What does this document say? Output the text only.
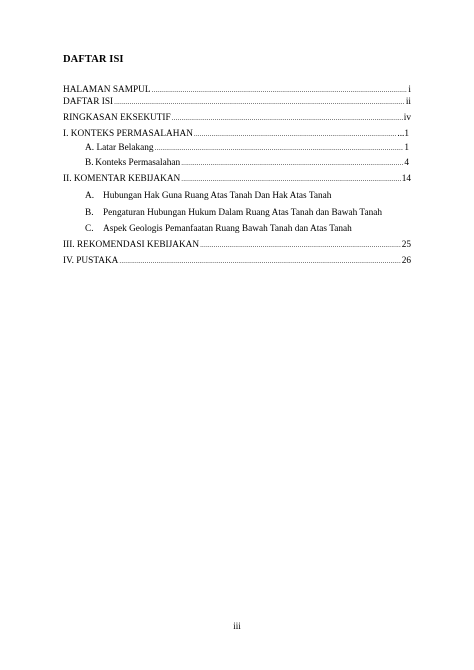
DAFTAR ISI
HALAMAN SAMPUL .....	i
DAFTAR ISI .....	ii
RINGKASAN EKSEKUTIF .....	iv
I. KONTEKS PERMASALAHAN .....	...1
A. Latar Belakang .....	1
B. Konteks Permasalahan .....	4
II. KOMENTAR KEBIJAKAN .....	14
A. Hubungan Hak Guna Ruang Atas Tanah Dan Hak Atas Tanah
B.	Pengaturan Hubungan Hukum Dalam Ruang Atas Tanah dan Bawah Tanah
C.	Aspek Geologis Pemanfaatan Ruang Bawah Tanah dan Atas Tanah
III. REKOMENDASI KEBIJAKAN .....	25
IV. PUSTAKA .....	26
iii
